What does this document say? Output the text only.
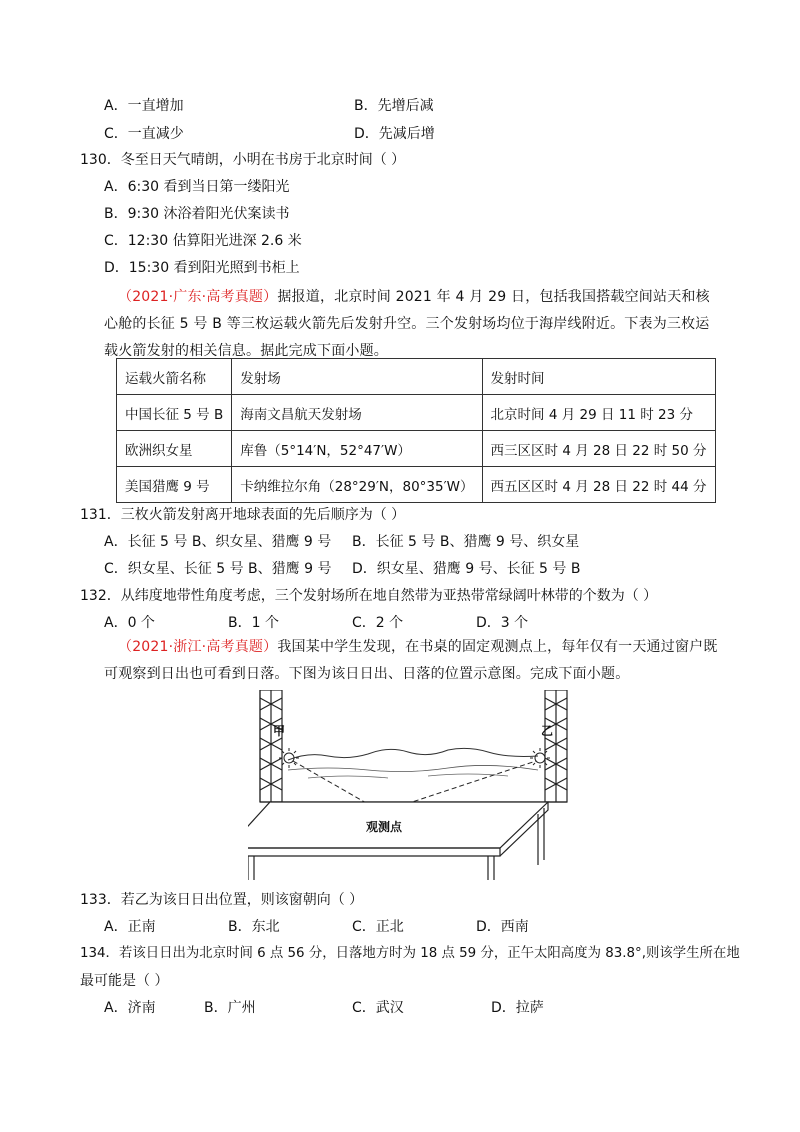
A．一直增加	B．先增后减
C．一直减少	D．先减后增
130．冬至日天气晴朗，小明在书房于北京时间（ ）
A．6:30 看到当日第一缕阳光
B．9:30 沐浴着阳光伏案读书
C．12:30 估算阳光进深 2.6 米
D．15:30 看到阳光照到书柜上
（2021·广东·高考真题）据报道，北京时间 2021 年 4 月 29 日，包括我国搭载空间站天和核心舱的长征 5 号 B 等三枚运载火箭先后发射升空。三个发射场均位于海岸线附近。下表为三枚运载火箭发射的相关信息。据此完成下面小题。
运载火箭名称	发射场	发射时间
中国长征 5 号 B	海南文昌航天发射场	北京时间 4 月 29 日 11 时 23 分
欧洲织女星	库鲁（5°14′N，52°47′W）	西三区区时 4 月 28 日 22 时 50 分
美国猎鹰 9 号	卡纳维拉尔角（28°29′N，80°35′W）	西五区区时 4 月 28 日 22 时 44 分
131．三枚火箭发射离开地球表面的先后顺序为（ ）
A．长征 5 号 B、织女星、猎鹰 9 号 B．长征 5 号 B、猎鹰 9 号、织女星
C．织女星、长征 5 号 B、猎鹰 9 号 D．织女星、猎鹰 9 号、长征 5 号 B
132．从纬度地带性角度考虑，三个发射场所在地自然带为亚热带常绿阔叶林带的个数为（ ）
A．0 个	B．1 个	C．2 个	D．3 个
（2021·浙江·高考真题）我国某中学生发现，在书桌的固定观测点上，每年仅有一天通过窗户既可观察到日出也可看到日落。下图为该日日出、日落的位置示意图。完成下面小题。
甲	乙
观测点
133．若乙为该日日出位置，则该窗朝向（ ）
A．正南	B．东北	C．正北	D．西南
134．若该日日出为北京时间 6 点 56 分，日落地方时为 18 点 59 分，正午太阳高度为 83.8°,则该学生所在地
最可能是（ ）
A．济南	B．广州	C．武汉	D．拉萨
